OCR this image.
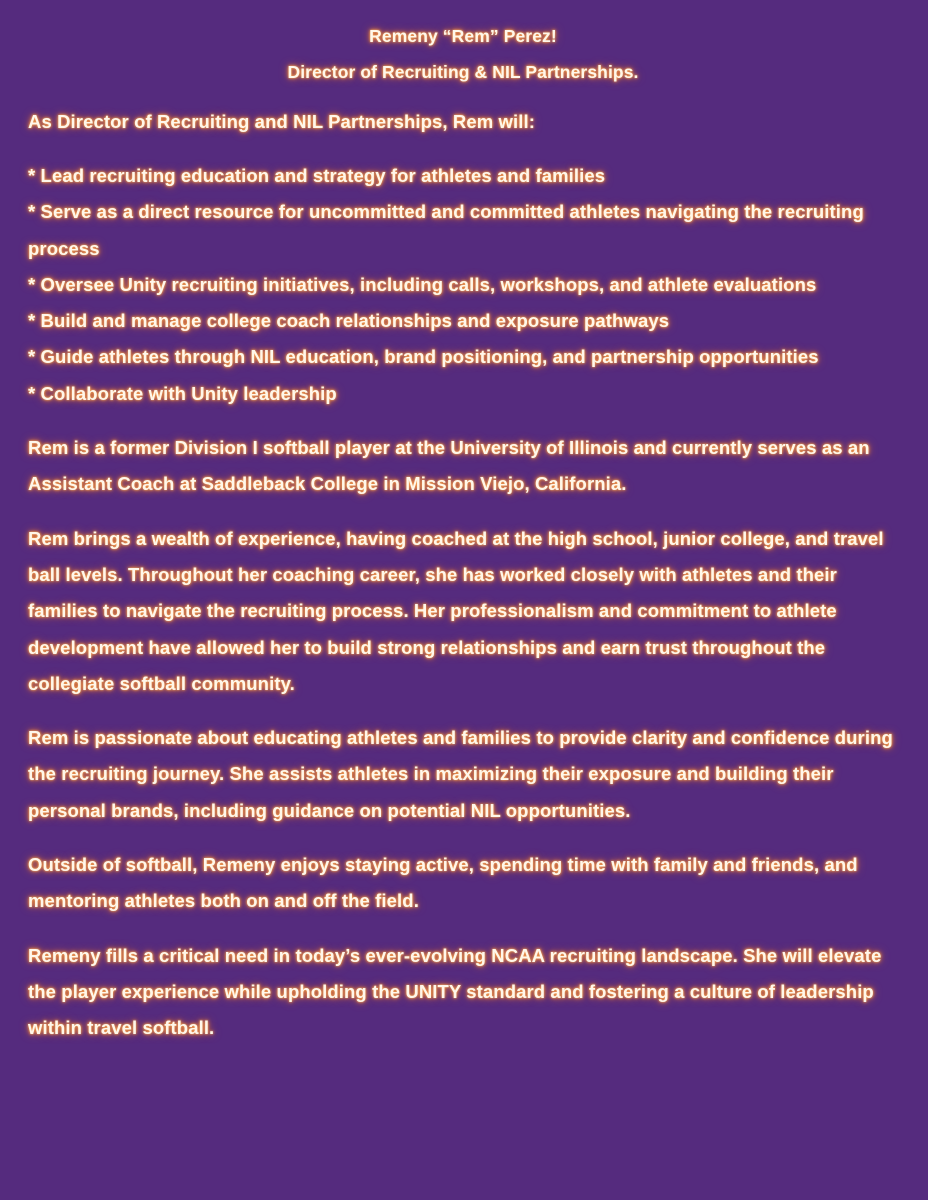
Remeny “Rem” Perez!
Director of Recruiting & NIL Partnerships.
As Director of Recruiting and NIL Partnerships, Rem will:
* Lead recruiting education and strategy for athletes and families
* Serve as a direct resource for uncommitted and committed athletes navigating the recruiting process
* Oversee Unity recruiting initiatives, including calls, workshops, and athlete evaluations
* Build and manage college coach relationships and exposure pathways
* Guide athletes through NIL education, brand positioning, and partnership opportunities
* Collaborate with Unity leadership

Rem is a former Division I softball player at the University of Illinois and currently serves as an Assistant Coach at Saddleback College in Mission Viejo, California.

Rem brings a wealth of experience, having coached at the high school, junior college, and travel ball levels. Throughout her coaching career, she has worked closely with athletes and their families to navigate the recruiting process. Her professionalism and commitment to athlete development have allowed her to build strong relationships and earn trust throughout the collegiate softball community.

Rem is passionate about educating athletes and families to provide clarity and confidence during the recruiting journey. She assists athletes in maximizing their exposure and building their personal brands, including guidance on potential NIL opportunities.

Outside of softball, Remeny enjoys staying active, spending time with family and friends, and mentoring athletes both on and off the field.

Remeny fills a critical need in today’s ever-evolving NCAA recruiting landscape. She will elevate the player experience while upholding the UNITY standard and fostering a culture of leadership within travel softball.
